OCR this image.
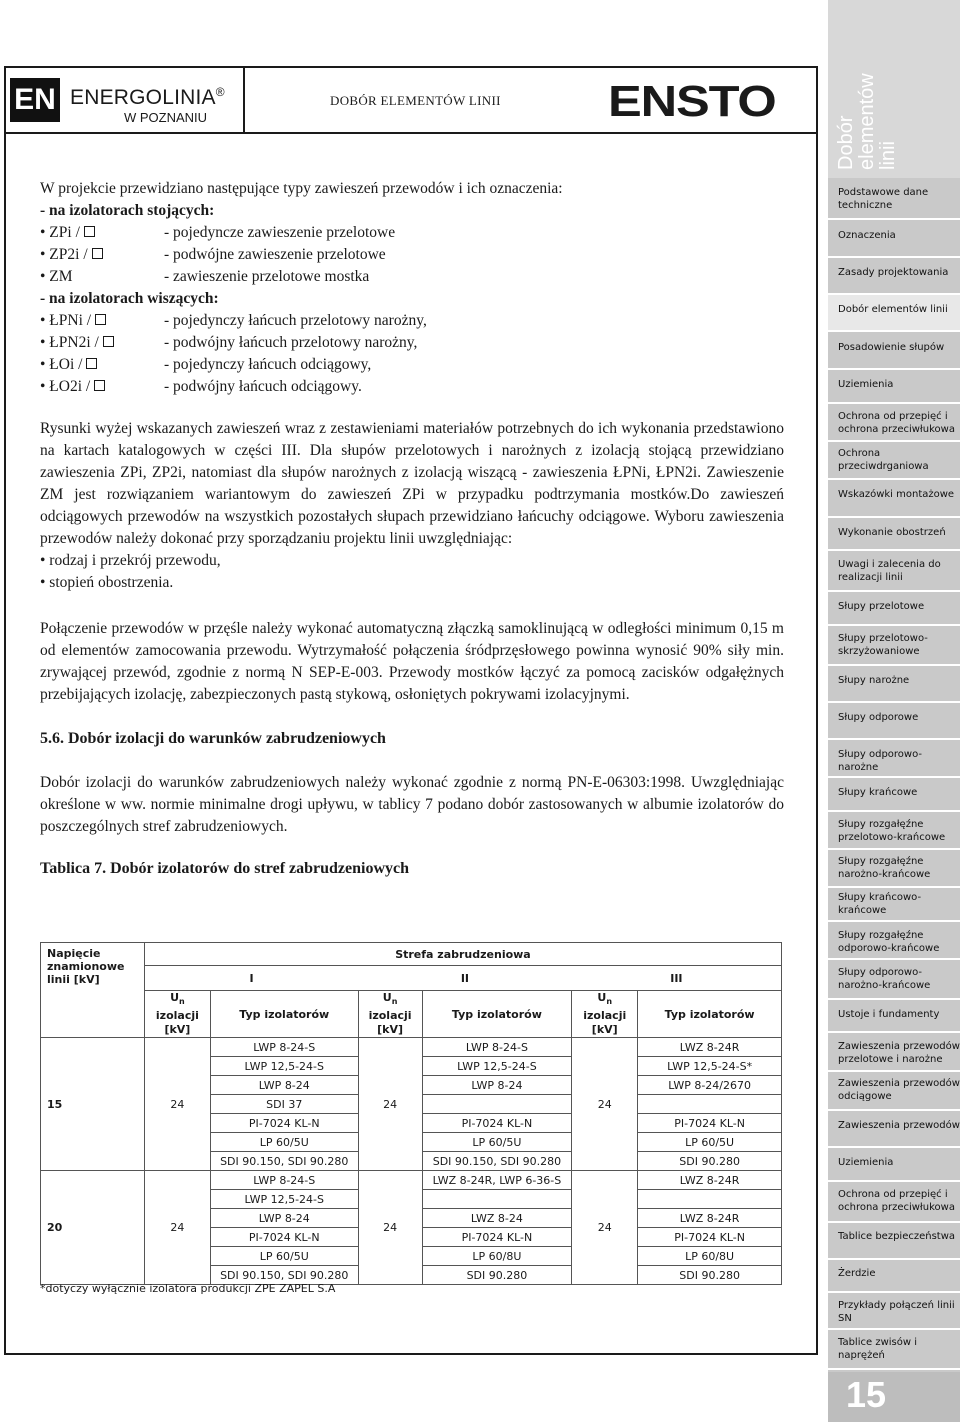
EN ENERGOLINIA®
W POZNANIU
DOBÓR ELEMENTÓW LINII ENSTO

W projekcie przewidziano następujące typy zawieszeń przewodów i ich oznaczenia:

- na izolatorach stojących:

• ZPi /	- pojedyncze zawieszenie przelotowe
• ZP2i /	- podwójne zawieszenie przelotowe
• ZM	- zawieszenie przelotowe mostka

- na izolatorach wiszących:

• ŁPNi /	- pojedynczy łańcuch przelotowy narożny,
• ŁPN2i /	- podwójny łańcuch przelotowy narożny,
• ŁOi /	- pojedynczy łańcuch odciągowy,
• ŁO2i /	- podwójny łańcuch odciągowy.

Rysunki wyżej wskazanych zawieszeń wraz z zestawieniami materiałów potrzebnych do ich wykonania przedstawiono na kartach katalogowych w części III. Dla słupów przelotowych i narożnych z izolacją stojącą przewidziano zawieszenia ZPi, ZP2i, natomiast dla słupów narożnych z izolacją wiszącą - zawieszenia ŁPNi, ŁPN2i. Zawieszenie ZM jest rozwiązaniem wariantowym do zawieszeń ZPi w przypadku podtrzymania mostków.Do zawieszeń odciągowych przewodów na wszystkich pozostałych słupach przewidziano łańcuchy odciągowe. Wyboru zawieszenia przewodów należy dokonać przy sporządzaniu projektu linii uwzględniając:

• rodzaj i przekrój przewodu,

• stopień obostrzenia.

Połączenie przewodów w przęśle należy wykonać automatyczną złączką samoklinującą w odległości minimum 0,15 m od elementów zamocowania przewodu. Wytrzymałość połączenia śródprzęsłowego powinna wynosić 90% siły min. zrywającej przewód, zgodnie z normą N SEP-E-003. Przewody mostków łączyć za pomocą zacisków odgałężnych przebijających izolację, zabezpieczonych pastą stykową, osłoniętych pokrywami izolacyjnymi.

5.6. Dobór izolacji do warunków zabrudzeniowych

Dobór izolacji do warunków zabrudzeniowych należy wykonać zgodnie z normą PN-E-06303:1998. Uwzględniając określone w ww. normie minimalne drogi upływu, w tablicy 7 podano dobór zastosowanych w albumie izolatorów do poszczególnych stref zabrudzeniowych.

Tablica 7. Dobór izolatorów do stref zabrudzeniowych

Napięcie znamionowe linii [kV]	Strefa zabrudzeniowa					
	I		II		III	
	$U_n$ izolacji
[kV]	Typ izolatorów	$U_n$ izolacji
[kV]	Typ izolatorów	$U_n$ izolacji
[kV]	Typ izolatorów
15	24	LWP 8-24-S	24	LWP 8-24-S	24	LWZ 8-24R
		LWP 12,5-24-S		LWP 12,5-24-S		LWP 12,5-24-S*
		LWP 8-24		LWP 8-24		LWP 8-24/2670
		SDI 37				
		PI-7024 KL-N		PI-7024 KL-N		PI-7024 KL-N
		LP 60/5U		LP 60/5U		LP 60/5U
		SDI 90.150, SDI 90.280		SDI 90.150, SDI 90.280		SDI 90.280
20	24	LWP 8-24-S	24	LWZ 8-24R, LWP 6-36-S	24	LWZ 8-24R
		LWP 12,5-24-S				
		LWP 8-24		LWZ 8-24		LWZ 8-24R
		PI-7024 KL-N		PI-7024 KL-N		PI-7024 KL-N
		LP 60/5U		LP 60/8U		LP 60/8U
		SDI 90.150, SDI 90.280		SDI 90.280		SDI 90.280
*dotyczy wyłącznie izolatora produkcji ZPE ZAPEL S.A
Dobór elementów linii
Podstawowe dane techniczne
Oznaczenia
Zasady projektowania
Dobór elementów linii
Posadowienie słupów
Uziemienia
Ochrona od przepięć i ochrona przeciwłukowa
Ochrona przeciwdrganiowa
Wskazówki montażowe
Wykonanie obostrzeń
Uwagi i zalecenia do realizacji linii
Słupy przelotowe
Słupy przelotowo-skrzyżowaniowe
Słupy narożne
Słupy odporowe
Słupy odporowo-narożne
Słupy krańcowe
Słupy rozgałęźne przelotowo-krańcowe
Słupy rozgałęźne narożno-krańcowe
Słupy krańcowo-krańcowe
Słupy rozgałęźne odporowo-krańcowe
Słupy odporowo-narożno-krańcowe
Ustoje i fundamenty
Zawieszenia przewodów przelotowe i narożne
Zawieszenia przewodów odciągowe
Zawieszenia przewodów
Uziemienia
Ochrona od przepięć i ochrona przeciwłukowa
Tablice bezpieczeństwa
Żerdzie
Przykłady połączeń linii SN
Tablice zwisów i naprężeń
15
